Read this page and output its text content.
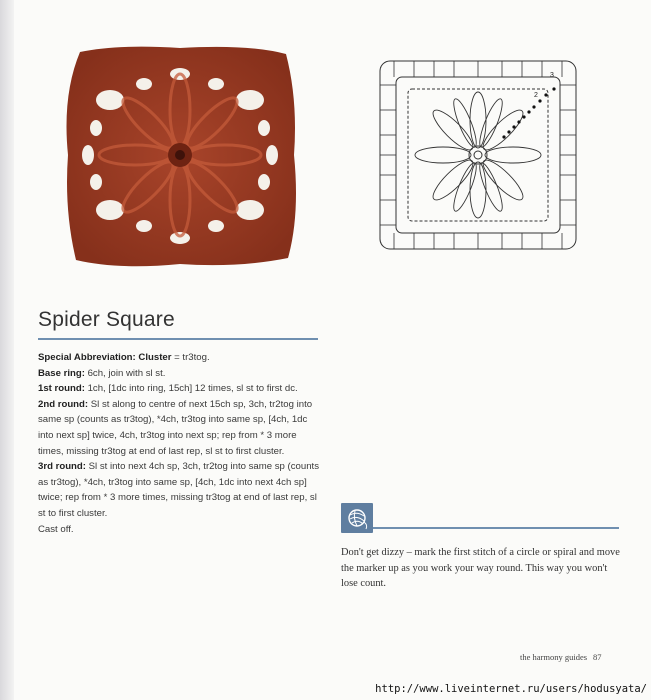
2
3
Spider Square

Special Abbreviation: Cluster = tr3tog.

Base ring: 6ch, join with sl st.

1st round: 1ch, [1dc into ring, 15ch] 12 times, sl st to first dc.

2nd round: Sl st along to centre of next 15ch sp, 3ch, tr2tog into same sp (counts as tr3tog), *4ch, tr3tog into same sp, [4ch, 1dc into next sp] twice, 4ch, tr3tog into next sp; rep from * 3 more times, missing tr3tog at end of last rep, sl st to first cluster.

3rd round: Sl st into next 4ch sp, 3ch, tr2tog into same sp (counts as tr3tog), *4ch, tr3tog into same sp, [4ch, 1dc into next 4ch sp] twice; rep from * 3 more times, missing tr3tog at end of last rep, sl st to first cluster.

Cast off.

Don't get dizzy – mark the first stitch of a circle or spiral and move the marker up as you work your way round. This way you won't lose count.
the harmony guides 87
http://www.liveinternet.ru/users/hodusyata/
